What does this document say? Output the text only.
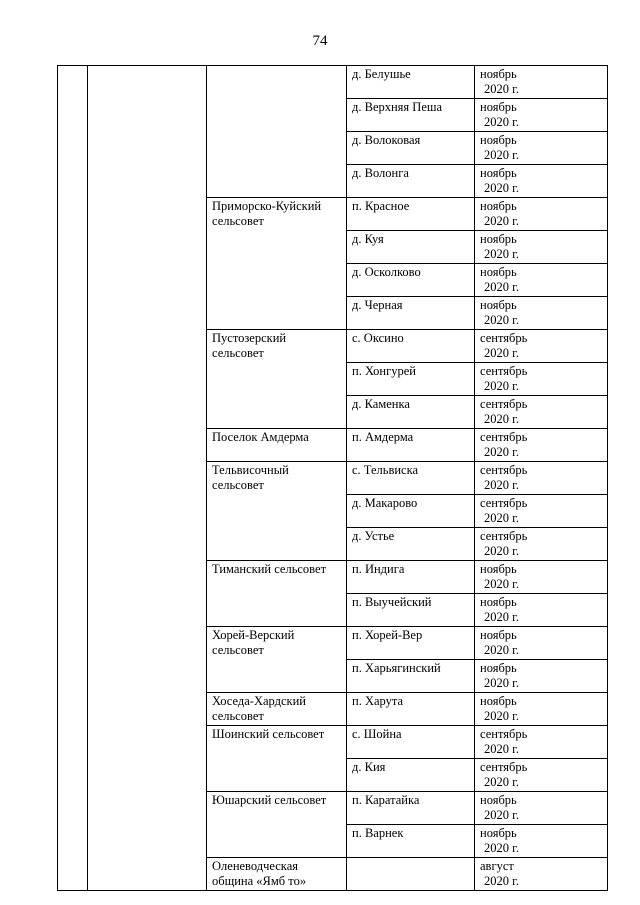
74
			д. Белушье	ноябрь
2020 г.

			д. Верхняя Пеша	ноябрь
2020 г.

			д. Волоковая	ноябрь
2020 г.

			д. Волонга	ноябрь
2020 г.

		Приморско-Куйский сельсовет	п. Красное	ноябрь
2020 г.

			д. Куя	ноябрь
2020 г.

			д. Осколково	ноябрь
2020 г.

			д. Черная	ноябрь
2020 г.

		Пустозерский сельсовет	с. Оксино	сентябрь
2020 г.

			п. Хонгурей	сентябрь
2020 г.

			д. Каменка	сентябрь
2020 г.

		Поселок Амдерма	п. Амдерма	сентябрь
2020 г.

		Тельвисочный сельсовет	с. Тельвиска	сентябрь
2020 г.

			д. Макарово	сентябрь
2020 г.

			д. Устье	сентябрь
2020 г.

		Тиманский сельсовет	п. Индига	ноябрь
2020 г.

			п. Выучейский	ноябрь
2020 г.

		Хорей-Верский сельсовет	п. Хорей-Вер	ноябрь
2020 г.

			п. Харьягинский	ноябрь
2020 г.

		Хоседа-Хардский сельсовет	п. Харута	ноябрь
2020 г.

		Шоинский сельсовет	с. Шойна	сентябрь
2020 г.

			д. Кия	сентябрь
2020 г.

		Юшарский сельсовет	п. Каратайка	ноябрь
2020 г.

			п. Варнек	ноябрь
2020 г.

		Оленеводческая община «Ямб то»		август
2020 г.
